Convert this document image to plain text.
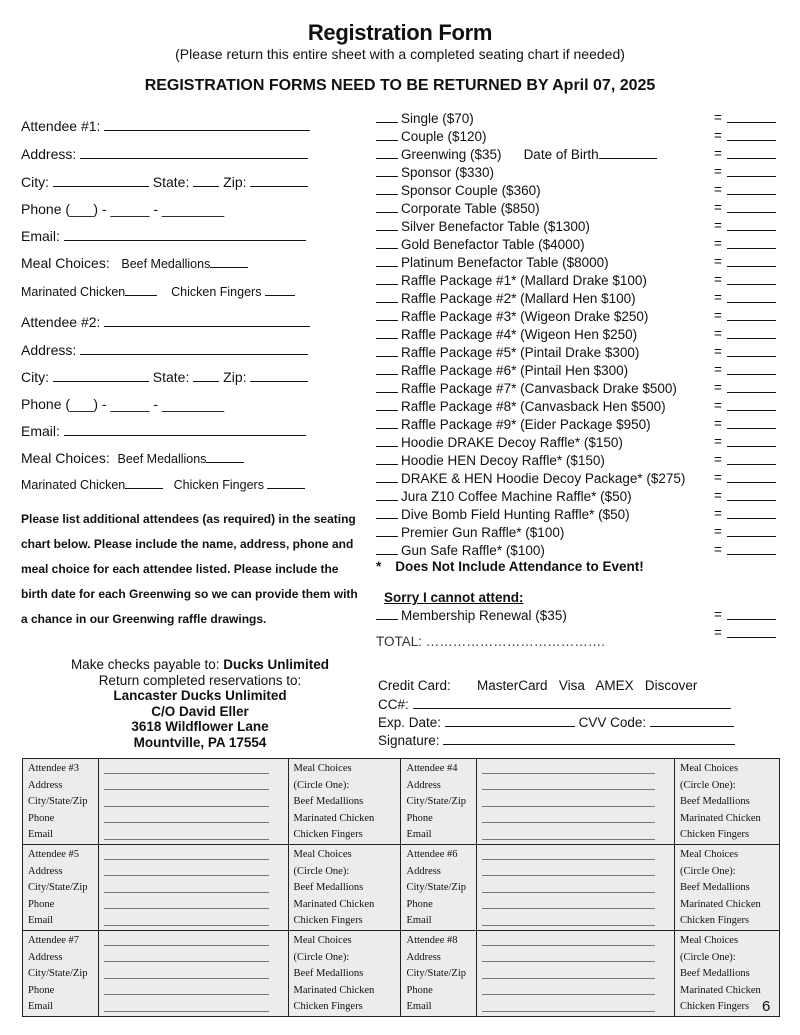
Registration Form
(Please return this entire sheet with a completed seating chart if needed)
REGISTRATION FORMS NEED TO BE RETURNED BY April 07, 2025
Attendee #1:
Address:
City:	State: Zip:
Phone (___) - _____ - ________
Email:
Meal Choices: Beef Medallions
Marinated Chicken	Chicken Fingers
Attendee #2:
Address:
City:	State: Zip:
Phone (___) - _____ - ________
Email:
Meal Choices: Beef Medallions
Marinated Chicken	Chicken Fingers
Please list additional attendees (as required) in the seating chart below. Please include the name, address, phone and meal choice for each attendee listed. Please include the birth date for each Greenwing so we can provide them with a chance in our Greenwing raffle drawings.
Make checks payable to: Ducks Unlimited
Return completed reservations to:
Lancaster Ducks Unlimited
C/O David Eller
3618 Wildflower Lane
Mountville, PA 17554
Single ($70)	=
Couple ($120)	=
Greenwing ($35) Date of Birth	=
Sponsor ($330)	=
Sponsor Couple ($360)	=
Corporate Table ($850)	=
Silver Benefactor Table ($1300)	=
Gold Benefactor Table ($4000)	=
Platinum Benefactor Table ($8000)	=
Raffle Package #1* (Mallard Drake $100)	=
Raffle Package #2* (Mallard Hen $100)	=
Raffle Package #3* (Wigeon Drake $250)	=
Raffle Package #4* (Wigeon Hen $250)	=
Raffle Package #5* (Pintail Drake $300)	=
Raffle Package #6* (Pintail Hen $300)	=
Raffle Package #7* (Canvasback Drake $500)	=
Raffle Package #8* (Canvasback Hen $500)	=
Raffle Package #9* (Eider Package $950)	=
Hoodie DRAKE Decoy Raffle* ($150)	=
Hoodie HEN Decoy Raffle* ($150)	=
DRAKE & HEN Hoodie Decoy Package* ($275) =
Jura Z10 Coffee Machine Raffle* ($50)	=
Dive Bomb Field Hunting Raffle* ($50)	=
Premier Gun Raffle* ($100)	=
Gun Safe Raffle* ($100)	=
* Does Not Include Attendance to Event!
Sorry I cannot attend:
Membership Renewal ($35)	=
=
TOTAL: ………………………………….
Credit Card: MasterCard   Visa   AMEX   Discover
CC#:
Exp. Date:	CVV Code:
Signature:
Attendee #3
Address
City/State/Zip
Phone
Email

Meal Choices
(Circle One):
Beef Medallions
Marinated Chicken
Chicken Fingers

Attendee #4
Address
City/State/Zip
Phone
Email

Meal Choices
(Circle One):
Beef Medallions
Marinated Chicken
Chicken Fingers

Attendee #5
Address
City/State/Zip
Phone
Email

Meal Choices
(Circle One):
Beef Medallions
Marinated Chicken
Chicken Fingers

Attendee #6
Address
City/State/Zip
Phone
Email

Meal Choices
(Circle One):
Beef Medallions
Marinated Chicken
Chicken Fingers

Attendee #7
Address
City/State/Zip
Phone
Email

Meal Choices
(Circle One):
Beef Medallions
Marinated Chicken
Chicken Fingers

Attendee #8
Address
City/State/Zip
Phone
Email

Meal Choices
(Circle One):
Beef Medallions
Marinated Chicken
Chicken Fingers 6
